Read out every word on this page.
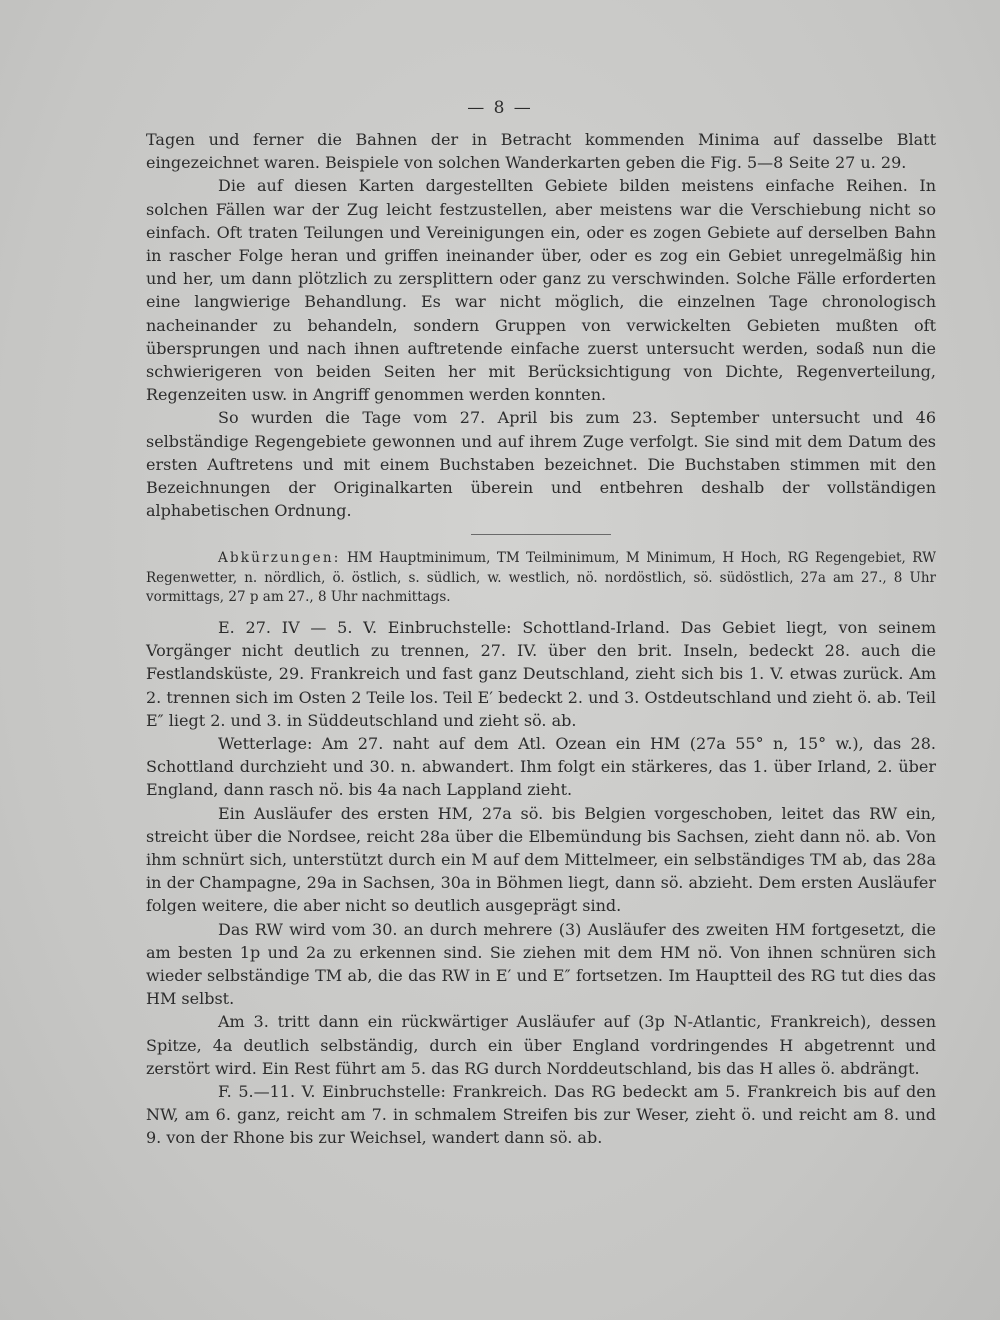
— 8 —

Tagen und ferner die Bahnen der in Betracht kommenden Minima auf dasselbe Blatt eingezeichnet waren. Beispiele von solchen Wanderkarten geben die Fig. 5—8 Seite 27 u. 29.

Die auf diesen Karten dargestellten Gebiete bilden meistens einfache Reihen. In solchen Fällen war der Zug leicht festzustellen, aber meistens war die Verschiebung nicht so einfach. Oft traten Teilungen und Vereinigungen ein, oder es zogen Gebiete auf derselben Bahn in rascher Folge heran und griffen ineinander über, oder es zog ein Gebiet unregelmäßig hin und her, um dann plötzlich zu zersplittern oder ganz zu verschwinden. Solche Fälle erforderten eine langwierige Behandlung. Es war nicht möglich, die einzelnen Tage chronologisch nacheinander zu behandeln, sondern Gruppen von verwickelten Gebieten mußten oft übersprungen und nach ihnen auftretende einfache zuerst untersucht werden, sodaß nun die schwierigeren von beiden Seiten her mit Berücksichtigung von Dichte, Regenverteilung, Regenzeiten usw. in Angriff genommen werden konnten.

So wurden die Tage vom 27. April bis zum 23. September untersucht und 46 selbständige Regengebiete gewonnen und auf ihrem Zuge verfolgt. Sie sind mit dem Datum des ersten Auftretens und mit einem Buchstaben bezeichnet. Die Buchstaben stimmen mit den Bezeichnungen der Originalkarten überein und entbehren deshalb der vollständigen alphabetischen Ordnung.

Abkürzungen: HM Hauptminimum, TM Teilminimum, M Minimum, H Hoch, RG Regengebiet, RW Regenwetter, n. nördlich, ö. östlich, s. südlich, w. westlich, nö. nordöstlich, sö. südöstlich, 27a am 27., 8 Uhr vormittags, 27 p am 27., 8 Uhr nachmittags.

E. 27. IV — 5. V. Einbruchstelle: Schottland-Irland. Das Gebiet liegt, von seinem Vorgänger nicht deutlich zu trennen, 27. IV. über den brit. Inseln, bedeckt 28. auch die Festlandsküste, 29. Frankreich und fast ganz Deutschland, zieht sich bis 1. V. etwas zurück. Am 2. trennen sich im Osten 2 Teile los. Teil E′ bedeckt 2. und 3. Ostdeutschland und zieht ö. ab. Teil E″ liegt 2. und 3. in Süddeutschland und zieht sö. ab.

Wetterlage: Am 27. naht auf dem Atl. Ozean ein HM (27a 55° n, 15° w.), das 28. Schottland durchzieht und 30. n. abwandert. Ihm folgt ein stärkeres, das 1. über Irland, 2. über England, dann rasch nö. bis 4a nach Lappland zieht.

Ein Ausläufer des ersten HM, 27a sö. bis Belgien vorgeschoben, leitet das RW ein, streicht über die Nordsee, reicht 28a über die Elbemündung bis Sachsen, zieht dann nö. ab. Von ihm schnürt sich, unterstützt durch ein M auf dem Mittelmeer, ein selbständiges TM ab, das 28a in der Champagne, 29a in Sachsen, 30a in Böhmen liegt, dann sö. abzieht. Dem ersten Ausläufer folgen weitere, die aber nicht so deutlich ausgeprägt sind.

Das RW wird vom 30. an durch mehrere (3) Ausläufer des zweiten HM fortgesetzt, die am besten 1p und 2a zu erkennen sind. Sie ziehen mit dem HM nö. Von ihnen schnüren sich wieder selbständige TM ab, die das RW in E′ und E″ fortsetzen. Im Hauptteil des RG tut dies das HM selbst.

Am 3. tritt dann ein rückwärtiger Ausläufer auf (3p N-Atlantic, Frankreich), dessen Spitze, 4a deutlich selbständig, durch ein über England vordringendes H abgetrennt und zerstört wird. Ein Rest führt am 5. das RG durch Norddeutschland, bis das H alles ö. abdrängt.

F. 5.—11. V. Einbruchstelle: Frankreich. Das RG bedeckt am 5. Frankreich bis auf den NW, am 6. ganz, reicht am 7. in schmalem Streifen bis zur Weser, zieht ö. und reicht am 8. und 9. von der Rhone bis zur Weichsel, wandert dann sö. ab.
